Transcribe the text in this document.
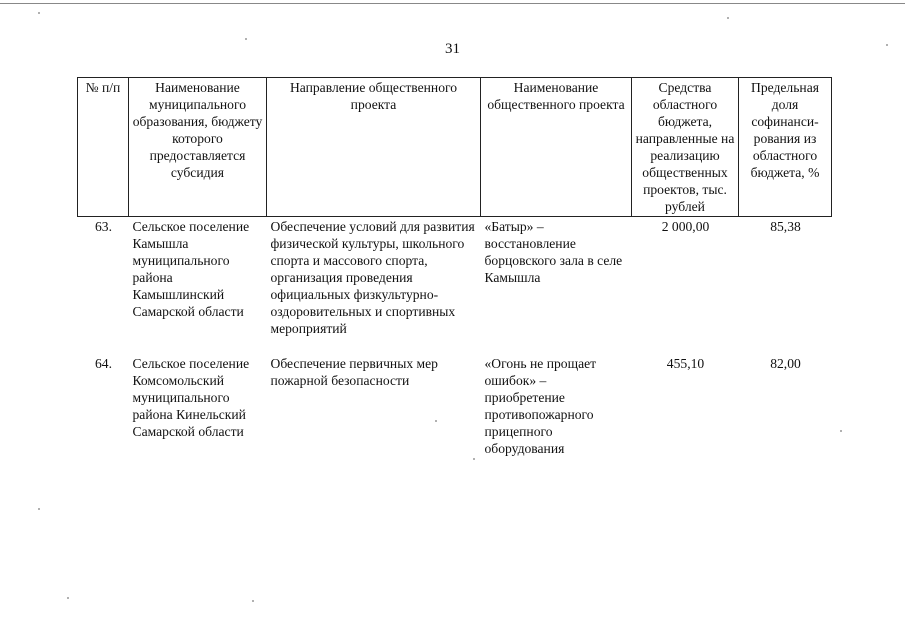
31
№ п/п	Наименование муниципального образования, бюджету которого предоставляется субсидия	Направление общественного проекта	Наименование общественного проекта	Средства областного бюджета, направленные на реализацию общественных проектов, тыс. рублей	Предельная доля софинанси-рования из областного бюджета, %
63.	Сельское поселение Камышла муниципального района Камышлинский Самарской области	Обеспечение условий для развития физической культуры, школьного спорта и массового спорта, организация проведения официальных физкультурно-оздоровительных и спортивных мероприятий	«Батыр» – восстановление борцовского зала в селе Камышла	2 000,00	85,38
64.	Сельское поселение Комсомольский муниципального района Кинельский Самарской области	Обеспечение первичных мер пожарной безопасности	«Огонь не прощает ошибок» – приобретение противопожарного прицепного оборудования	455,10	82,00
